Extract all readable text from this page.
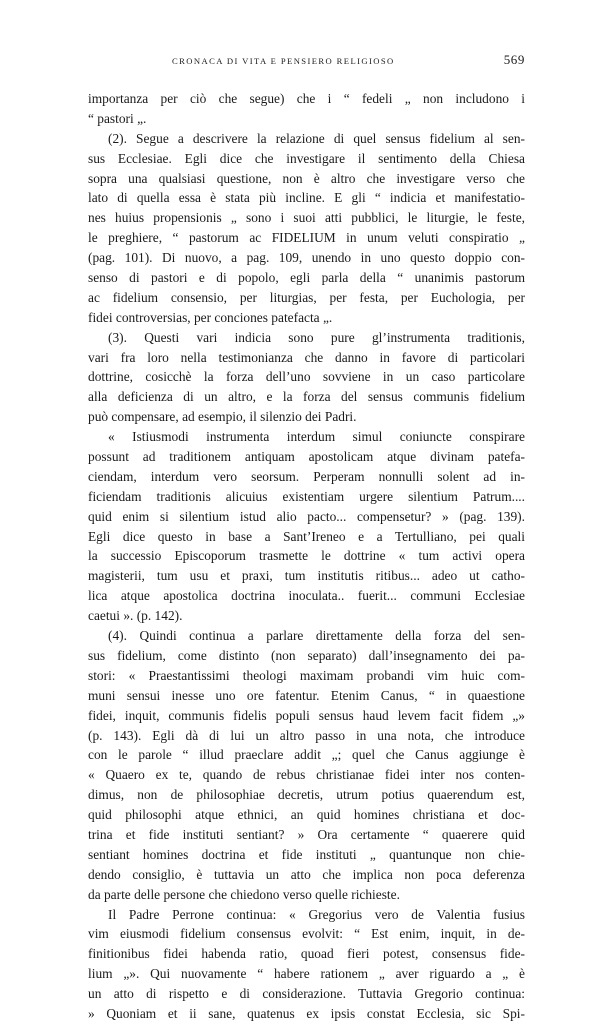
CRONACA DI VITA E PENSIERO RELIGIOSO	569
importanza per ciò che segue) che i “ fedeli „ non includono i
“ pastori „.
(2). Segue a descrivere la relazione di quel sensus fidelium al sen-
sus Ecclesiae. Egli dice che investigare il sentimento della Chiesa
sopra una qualsiasi questione, non è altro che investigare verso che
lato di quella essa è stata più incline. E gli “ indicia et manifestatio-
nes huius propensionis „ sono i suoi atti pubblici, le liturgie, le feste,
le preghiere, “ pastorum ac FIDELIUM in unum veluti conspiratio „
(pag. 101). Di nuovo, a pag. 109, unendo in uno questo doppio con-
senso di pastori e di popolo, egli parla della “ unanimis pastorum
ac fidelium consensio, per liturgias, per festa, per Euchologia, per
fidei controversias, per conciones patefacta „.
(3). Questi vari indicia sono pure gl’instrumenta traditionis,
vari fra loro nella testimonianza che danno in favore di particolari
dottrine, cosicchè la forza dell’uno sovviene in un caso particolare
alla deficienza di un altro, e la forza del sensus communis fidelium
può compensare, ad esempio, il silenzio dei Padri.
« Istiusmodi instrumenta interdum simul coniuncte conspirare
possunt ad traditionem antiquam apostolicam atque divinam patefa-
ciendam, interdum vero seorsum. Perperam nonnulli solent ad in-
ficiendam traditionis alicuius existentiam urgere silentium Patrum....
quid enim si silentium istud alio pacto... compensetur? » (pag. 139).
Egli dice questo in base a Sant’Ireneo e a Tertulliano, pei quali
la successio Episcoporum trasmette le dottrine « tum activi opera
magisterii, tum usu et praxi, tum institutis ritibus... adeo ut catho-
lica atque apostolica doctrina inoculata.. fuerit... communi Ecclesiae
caetui ». (p. 142).
(4). Quindi continua a parlare direttamente della forza del sen-
sus fidelium, come distinto (non separato) dall’insegnamento dei pa-
stori: « Praestantissimi theologi maximam probandi vim huic com-
muni sensui inesse uno ore fatentur. Etenim Canus, “ in quaestione
fidei, inquit, communis fidelis populi sensus haud levem facit fidem „»
(p. 143). Egli dà di lui un altro passo in una nota, che introduce
con le parole “ illud praeclare addit „; quel che Canus aggiunge è
« Quaero ex te, quando de rebus christianae fidei inter nos conten-
dimus, non de philosophiae decretis, utrum potius quaerendum est,
quid philosophi atque ethnici, an quid homines christiana et doc-
trina et fide instituti sentiant? » Ora certamente “ quaerere quid
sentiant homines doctrina et fide instituti „ quantunque non chie-
dendo consiglio, è tuttavia un atto che implica non poca deferenza
da parte delle persone che chiedono verso quelle richieste.
Il Padre Perrone continua: « Gregorius vero de Valentia fusius
vim eiusmodi fidelium consensus evolvit: “ Est enim, inquit, in de-
finitionibus fidei habenda ratio, quoad fieri potest, consensus fide-
lium „». Qui nuovamente “ habere rationem „ aver riguardo a „ è
un atto di rispetto e di considerazione. Tuttavia Gregorio continua:
» Quoniam et ii sane, quatenus ex ipsis constat Ecclesia, sic Spi-
